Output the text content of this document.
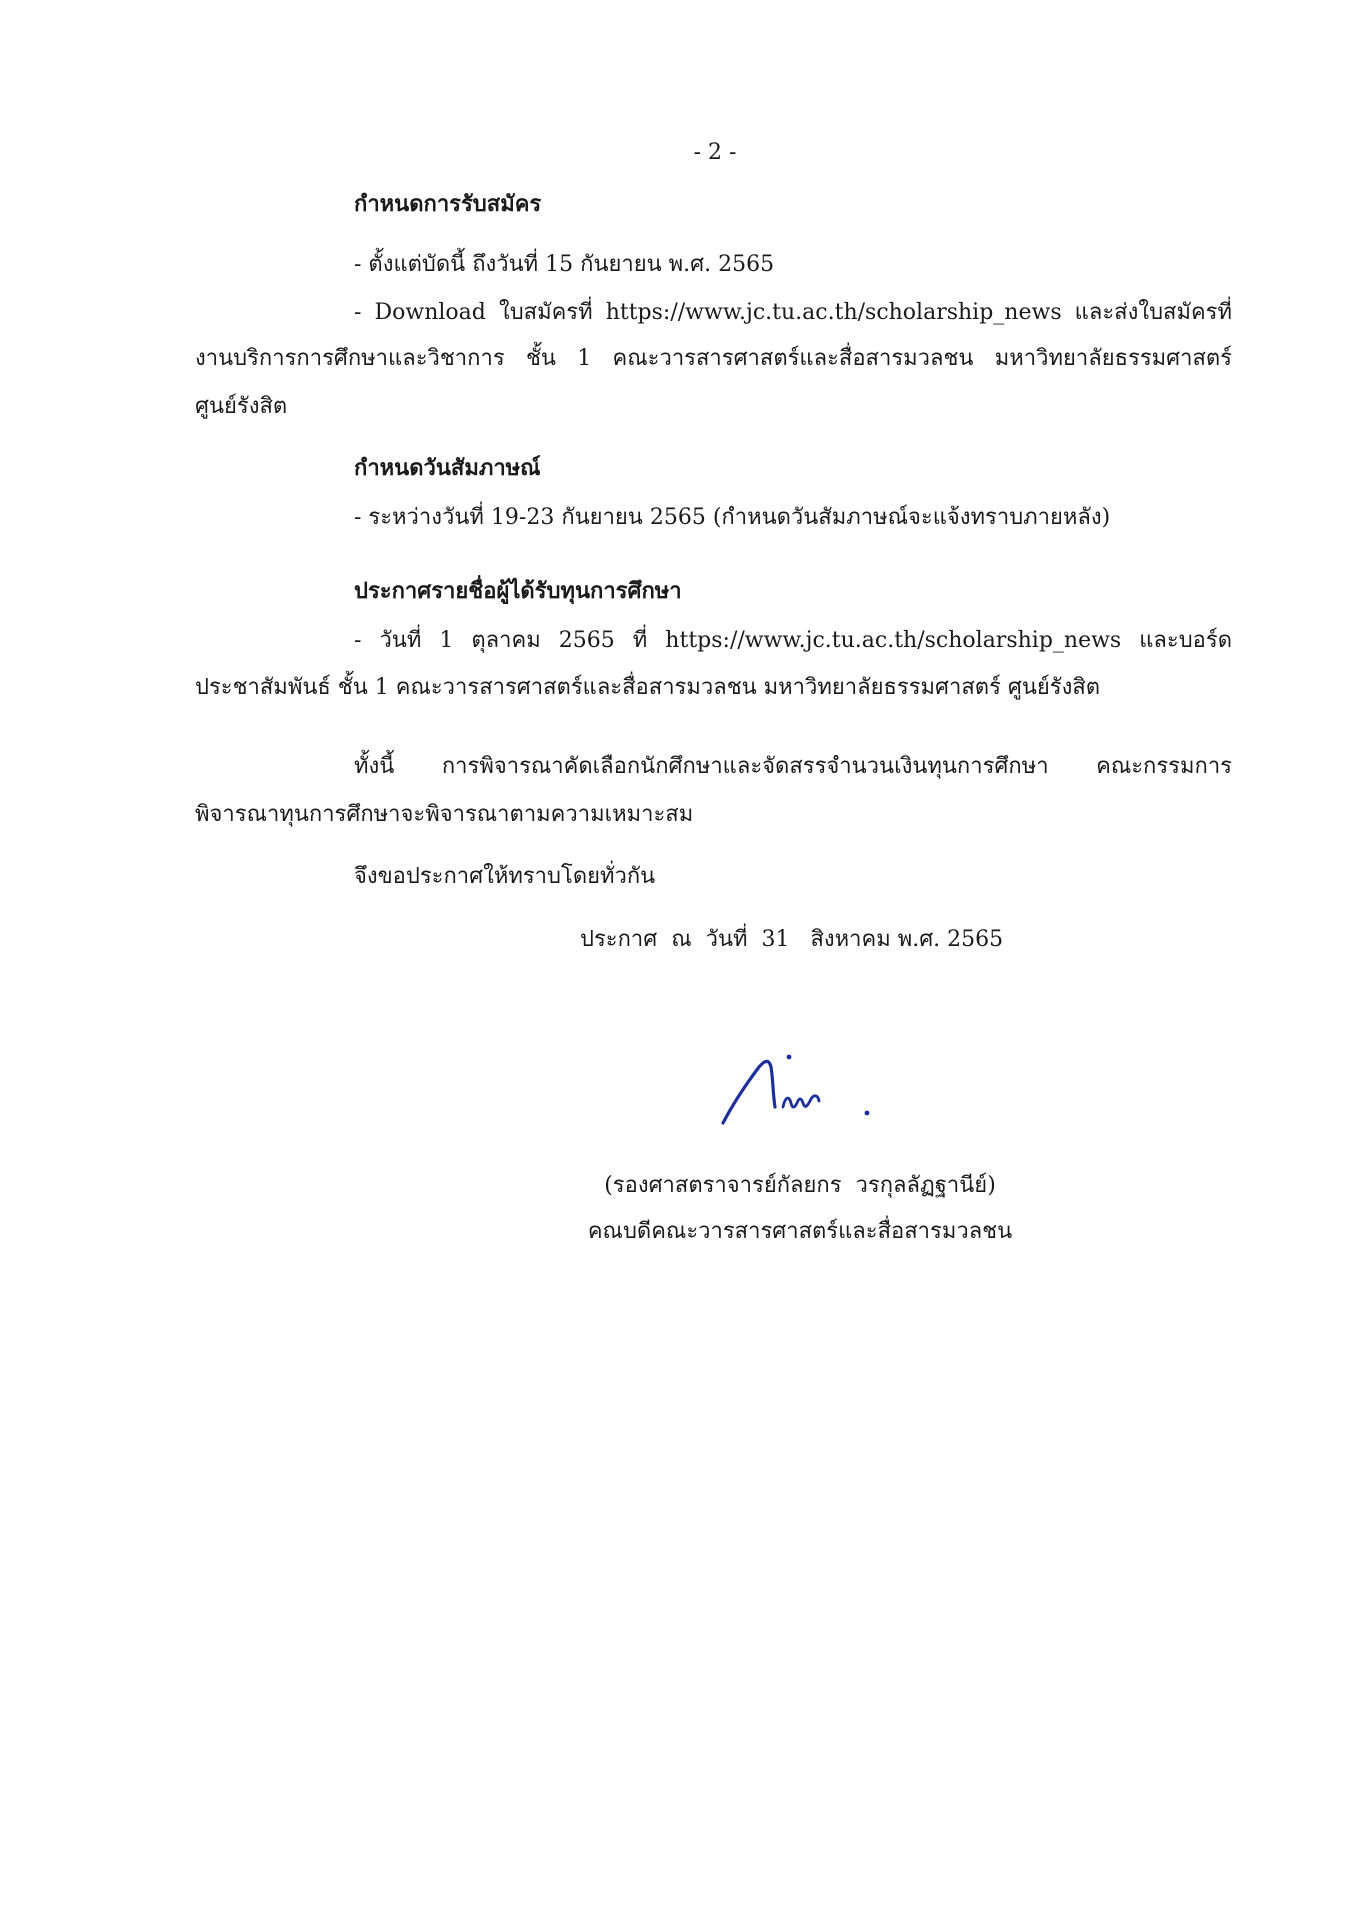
- 2 -
กำหนดการรับสมัคร
- ตั้งแต่บัดนี้ ถึงวันที่ 15 กันยายน พ.ศ. 2565
- Download ใบสมัครที่ https://www.jc.tu.ac.th/scholarship_news และส่งใบสมัครที่
งานบริการการศึกษาและวิชาการ ชั้น 1 คณะวารสารศาสตร์และสื่อสารมวลชน มหาวิทยาลัยธรรมศาสตร์
ศูนย์รังสิต
กำหนดวันสัมภาษณ์
- ระหว่างวันที่ 19-23 กันยายน 2565 (กำหนดวันสัมภาษณ์จะแจ้งทราบภายหลัง)
ประกาศรายชื่อผู้ได้รับทุนการศึกษา
- วันที่ 1 ตุลาคม 2565 ที่ https://www.jc.tu.ac.th/scholarship_news และบอร์ด
ประชาสัมพันธ์ ชั้น 1 คณะวารสารศาสตร์และสื่อสารมวลชน มหาวิทยาลัยธรรมศาสตร์ ศูนย์รังสิต
ทั้งนี้ การพิจารณาคัดเลือกนักศึกษาและจัดสรรจำนวนเงินทุนการศึกษา คณะกรรมการ
พิจารณาทุนการศึกษาจะพิจารณาตามความเหมาะสม
จึงขอประกาศให้ทราบโดยทั่วกัน
ประกาศ  ณ  วันที่  31   สิงหาคม พ.ศ. 2565
(รองศาสตราจารย์กัลยกร  วรกุลลัฏฐานีย์)
คณบดีคณะวารสารศาสตร์และสื่อสารมวลชน
